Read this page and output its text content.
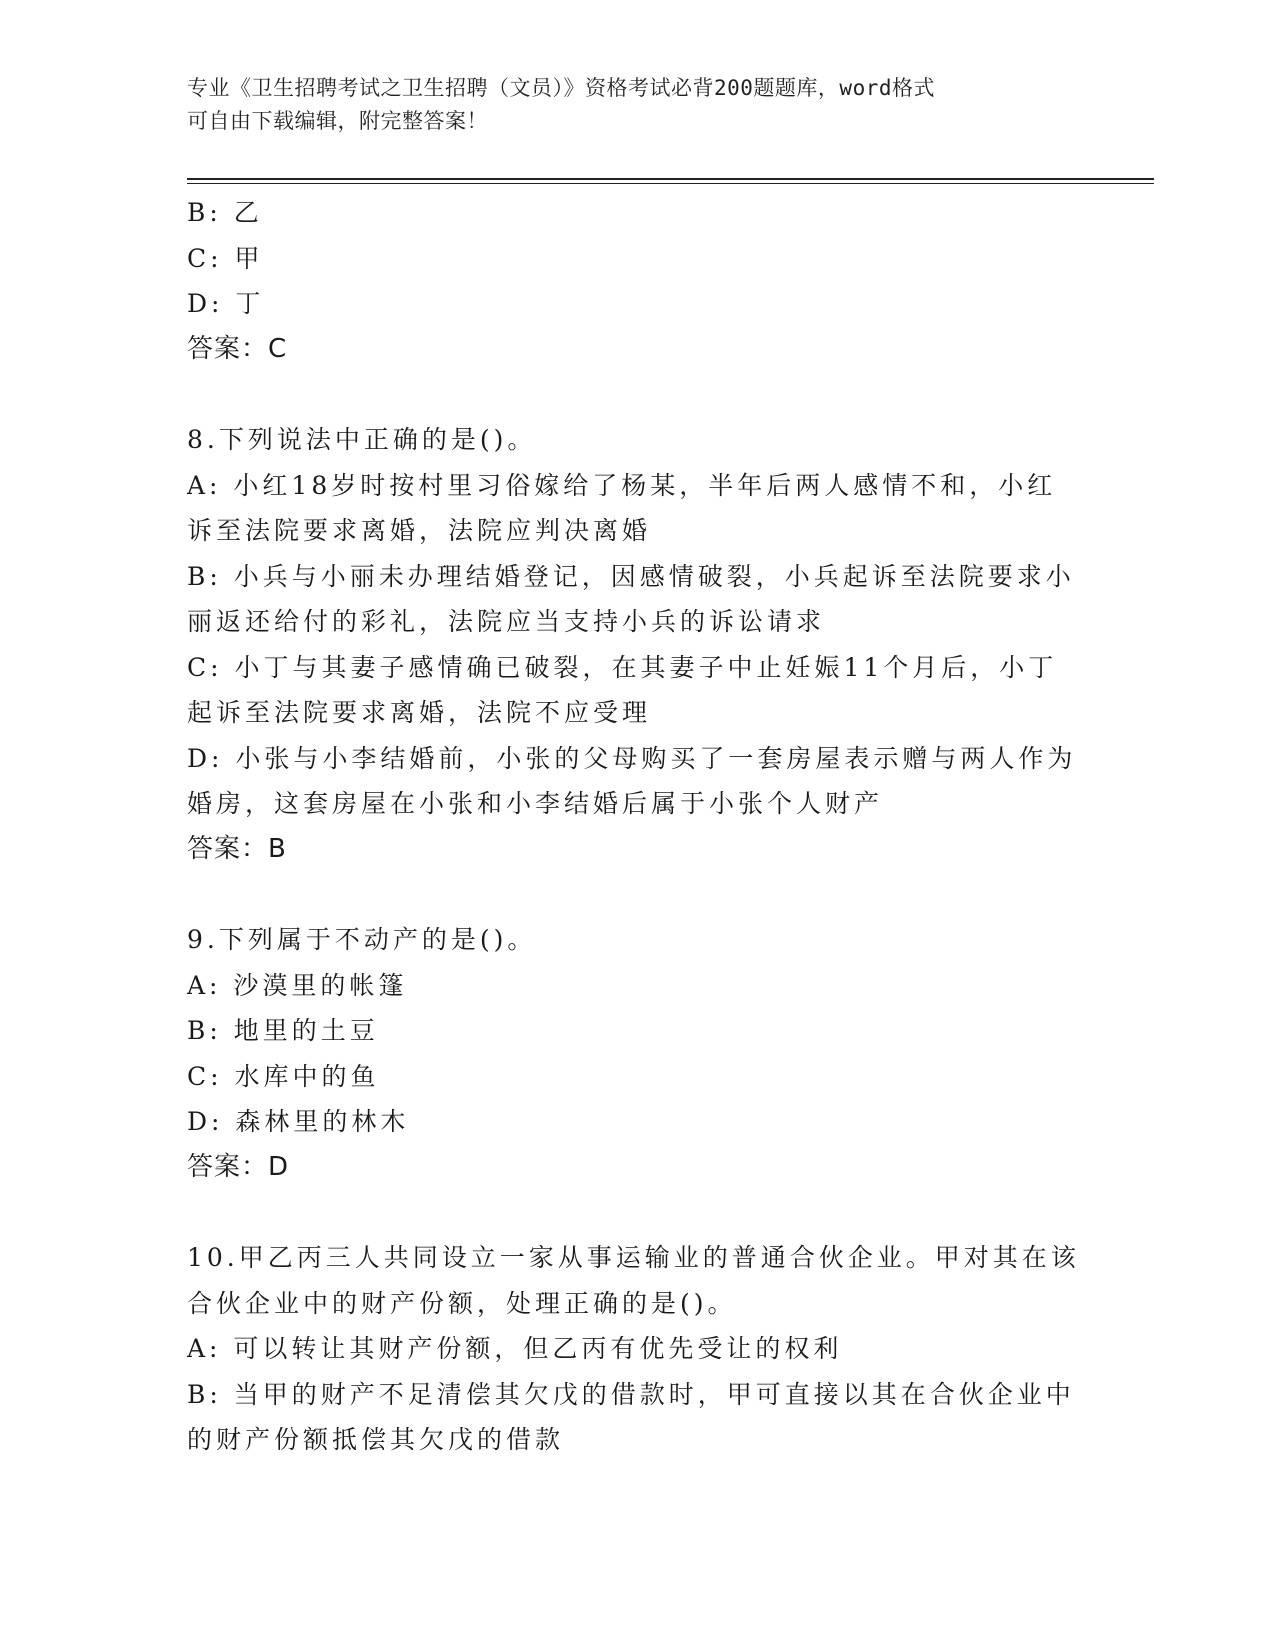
专业《卫生招聘考试之卫生招聘（文员）》资格考试必背200题题库，word格式
可自由下载编辑，附完整答案！
B: 乙
C: 甲
D: 丁
答案：C
8.下列说法中正确的是()。
A: 小红18岁时按村里习俗嫁给了杨某，半年后两人感情不和，小红
诉至法院要求离婚，法院应判决离婚
B: 小兵与小丽未办理结婚登记，因感情破裂，小兵起诉至法院要求小
丽返还给付的彩礼，法院应当支持小兵的诉讼请求
C: 小丁与其妻子感情确已破裂，在其妻子中止妊娠11个月后，小丁
起诉至法院要求离婚，法院不应受理
D: 小张与小李结婚前，小张的父母购买了一套房屋表示赠与两人作为
婚房，这套房屋在小张和小李结婚后属于小张个人财产
答案：B
9.下列属于不动产的是()。
A: 沙漠里的帐篷
B: 地里的土豆
C: 水库中的鱼
D: 森林里的林木
答案：D
10.甲乙丙三人共同设立一家从事运输业的普通合伙企业。甲对其在该
合伙企业中的财产份额，处理正确的是()。
A: 可以转让其财产份额，但乙丙有优先受让的权利
B: 当甲的财产不足清偿其欠戊的借款时，甲可直接以其在合伙企业中
的财产份额抵偿其欠戊的借款
